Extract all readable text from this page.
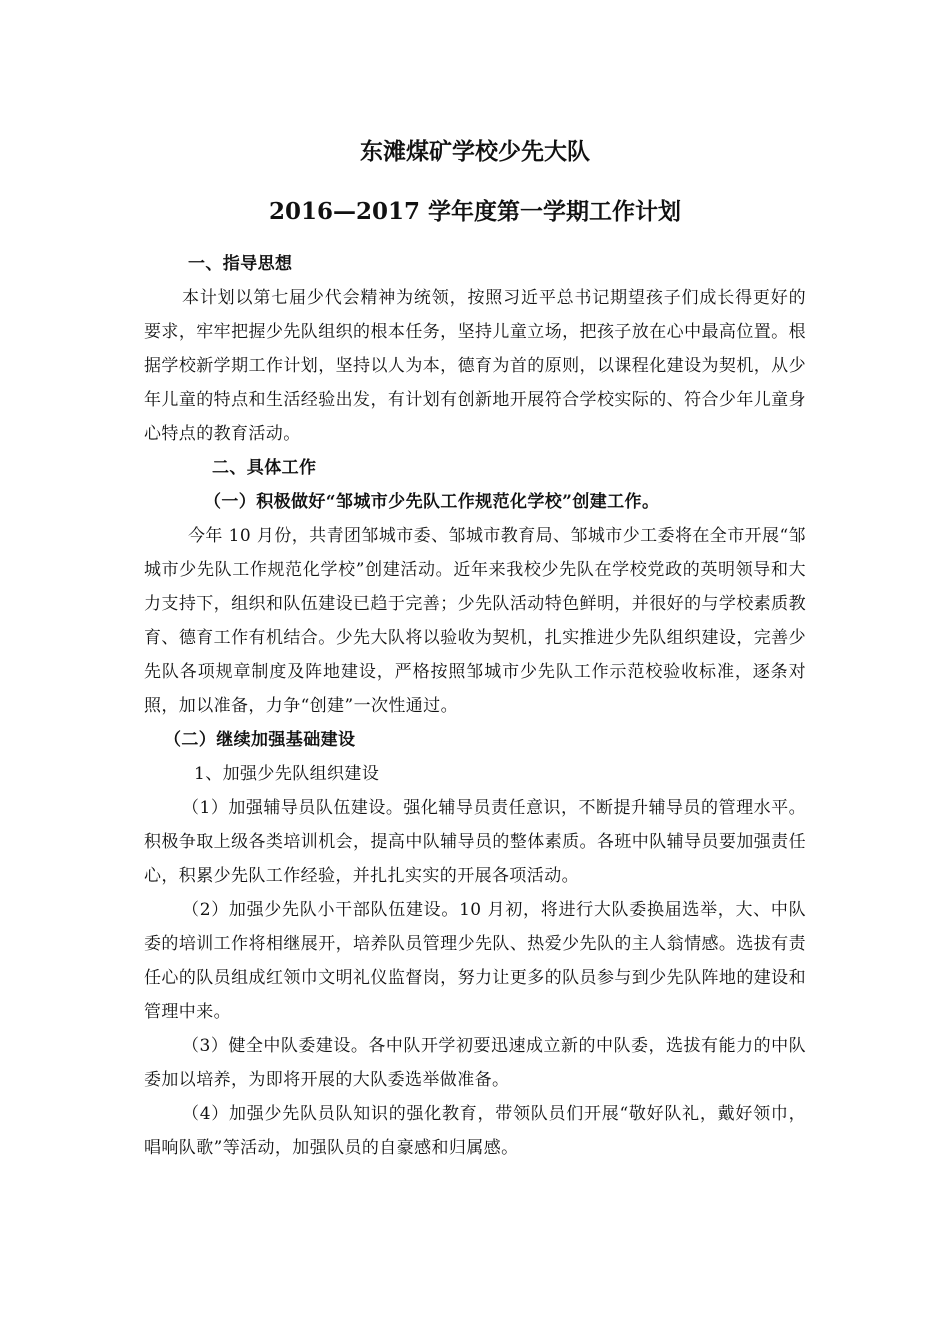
东滩煤矿学校少先大队
2016—2017 学年度第一学期工作计划

一、指导思想

本计划以第七届少代会精神为统领，按照习近平总书记期望孩子们成长得更好的要求，牢牢把握少先队组织的根本任务，坚持儿童立场，把孩子放在心中最高位置。根据学校新学期工作计划，坚持以人为本，德育为首的原则，以课程化建设为契机，从少年儿童的特点和生活经验出发，有计划有创新地开展符合学校实际的、符合少年儿童身心特点的教育活动。

二、具体工作

（一）积极做好“邹城市少先队工作规范化学校”创建工作。

今年 10 月份，共青团邹城市委、邹城市教育局、邹城市少工委将在全市开展“邹城市少先队工作规范化学校”创建活动。近年来我校少先队在学校党政的英明领导和大力支持下，组织和队伍建设已趋于完善；少先队活动特色鲜明，并很好的与学校素质教育、德育工作有机结合。少先大队将以验收为契机，扎实推进少先队组织建设，完善少先队各项规章制度及阵地建设，严格按照邹城市少先队工作示范校验收标准，逐条对照，加以准备，力争“创建”一次性通过。

（二）继续加强基础建设

1、加强少先队组织建设

（1）加强辅导员队伍建设。强化辅导员责任意识，不断提升辅导员的管理水平。积极争取上级各类培训机会，提高中队辅导员的整体素质。各班中队辅导员要加强责任心，积累少先队工作经验，并扎扎实实的开展各项活动。

（2）加强少先队小干部队伍建设。10 月初，将进行大队委换届选举，大、中队委的培训工作将相继展开，培养队员管理少先队、热爱少先队的主人翁情感。选拔有责任心的队员组成红领巾文明礼仪监督岗，努力让更多的队员参与到少先队阵地的建设和管理中来。

（3）健全中队委建设。各中队开学初要迅速成立新的中队委，选拔有能力的中队委加以培养，为即将开展的大队委选举做准备。

（4）加强少先队员队知识的强化教育，带领队员们开展“敬好队礼，戴好领巾，唱响队歌”等活动，加强队员的自豪感和归属感。
